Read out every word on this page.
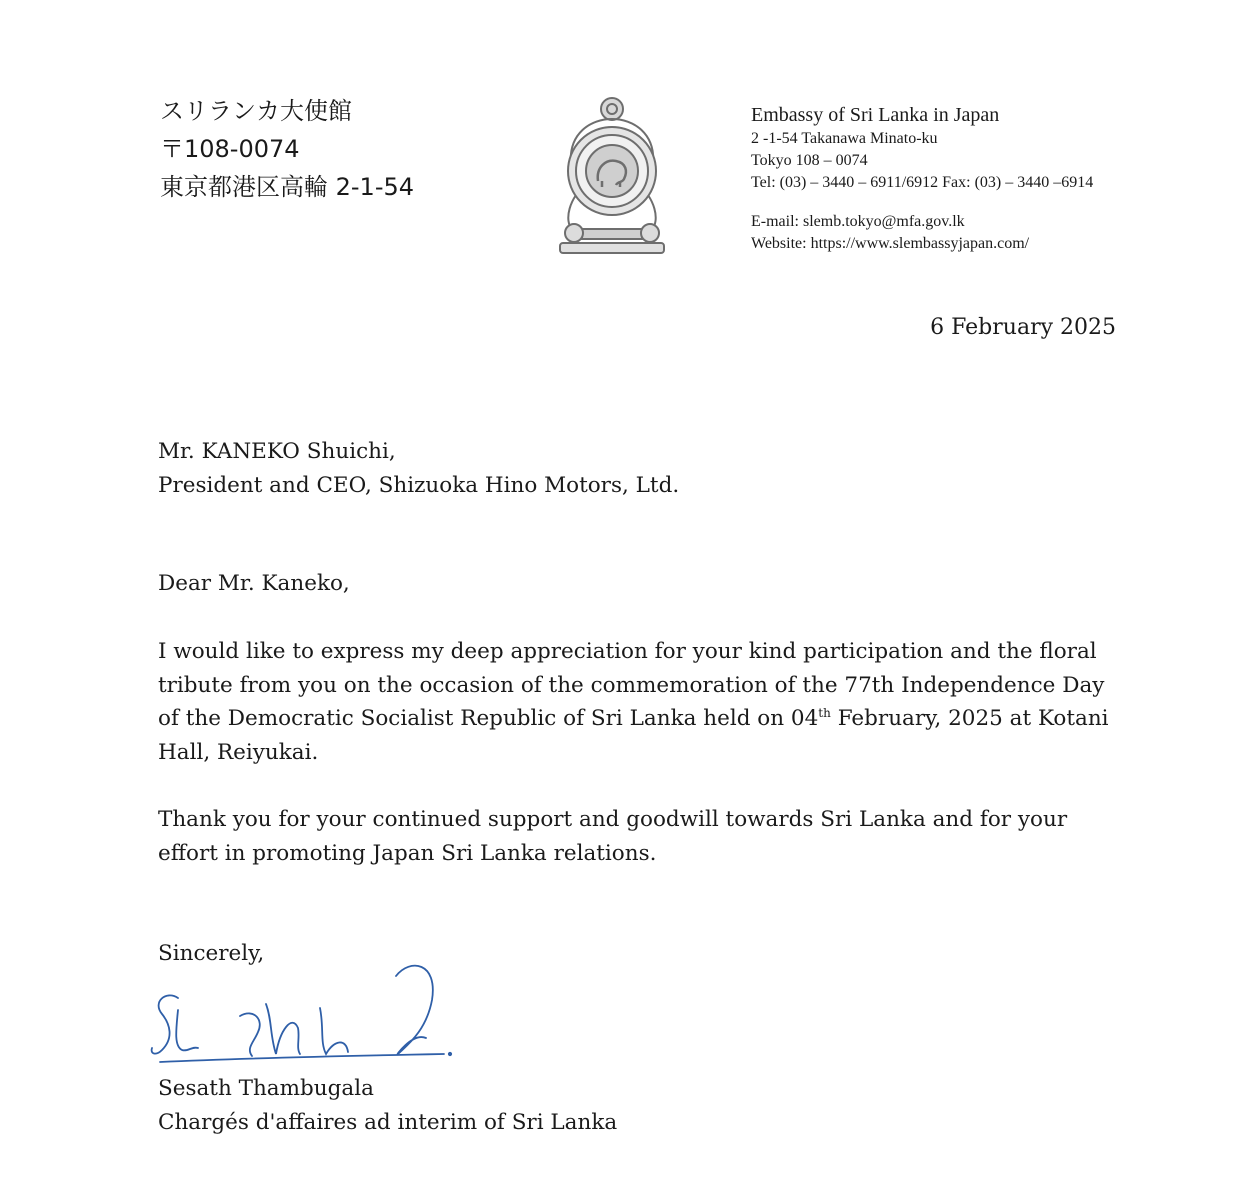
スリランカ大使館
〒108-0074
東京都港区高輪 2-1-54
Embassy of Sri Lanka in Japan
2 -1-54 Takanawa Minato-ku
Tokyo 108 – 0074
Tel: (03) – 3440 – 6911/6912 Fax: (03) – 3440 –6914
E-mail: slemb.tokyo@mfa.gov.lk
Website: https://www.slembassyjapan.com/
6 February 2025
Mr. KANEKO Shuichi,
President and CEO, Shizuoka Hino Motors, Ltd.
Dear Mr. Kaneko,
I would like to express my deep appreciation for your kind participation and the floral
tribute from you on the occasion of the commemoration of the 77th Independence Day
of the Democratic Socialist Republic of Sri Lanka held on 04th February, 2025 at Kotani
Hall, Reiyukai.
Thank you for your continued support and goodwill towards Sri Lanka and for your
effort in promoting Japan Sri Lanka relations.
Sincerely,
Sesath Thambugala
Chargés d'affaires ad interim of Sri Lanka
